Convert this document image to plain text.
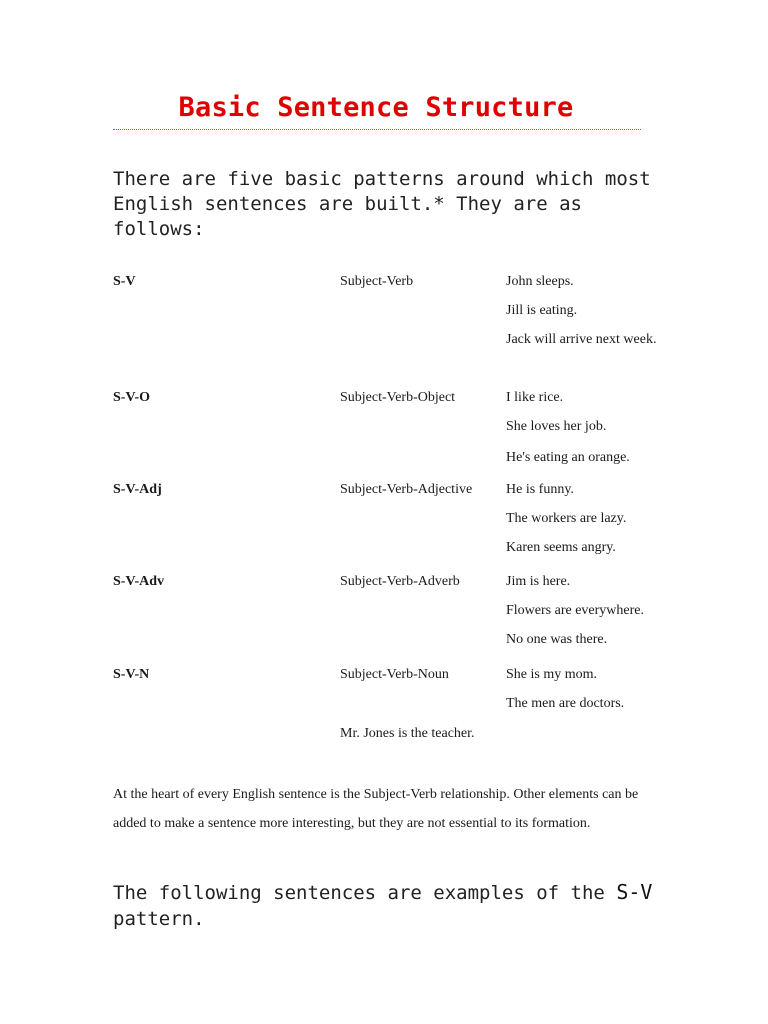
Basic Sentence Structure

There are five basic patterns around which most English sentences are built.* They are as follows:

S-V	Subject-Verb	John sleeps.
Jill is eating.
Jack will arrive next week.
S-V-O	Subject-Verb-Object	I like rice.
She loves her job.
He's eating an orange.
S-V-Adj	Subject-Verb-Adjective He is funny.
The workers are lazy.
Karen seems angry.
S-V-Adv	Subject-Verb-Adverb	Jim is here.
Flowers are everywhere.
No one was there.
S-V-N	Subject-Verb-Noun	She is my mom.
The men are doctors.
Mr. Jones is the teacher.

At the heart of every English sentence is the Subject-Verb relationship. Other elements can be added to make a sentence more interesting, but they are not essential to its formation.

The following sentences are examples of the S-V pattern.
